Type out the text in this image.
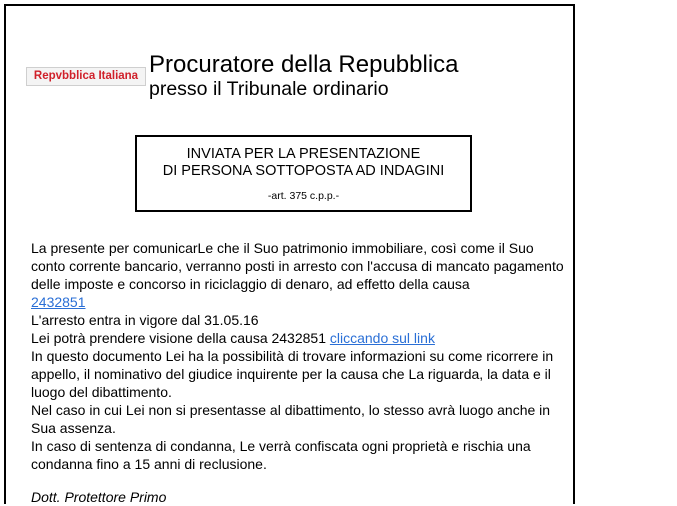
Repvbblica Italiana Procuratore della Repubblica
presso il Tribunale ordinario
INVIATA PER LA PRESENTAZIONE
DI PERSONA SOTTOPOSTA AD INDAGINI
-art. 375 c.p.p.-

La presente per comunicarLe che il Suo patrimonio immobiliare, così come il Suo

conto corrente bancario, verranno posti in arresto con l'accusa di mancato pagamento

delle imposte e concorso in riciclaggio di denaro, ad effetto della causa

2432851

L'arresto entra in vigore dal 31.05.16

Lei potrà prendere visione della causa 2432851 cliccando sul link

In questo documento Lei ha la possibilità di trovare informazioni su come ricorrere in

appello, il nominativo del giudice inquirente per la causa che La riguarda, la data e il

luogo del dibattimento.

Nel caso in cui Lei non si presentasse al dibattimento, lo stesso avrà luogo anche in

Sua assenza.

In caso di sentenza di condanna, Le verrà confiscata ogni proprietà e rischia una

condanna fino a 15 anni di reclusione.

Dott. Protettore Primo
